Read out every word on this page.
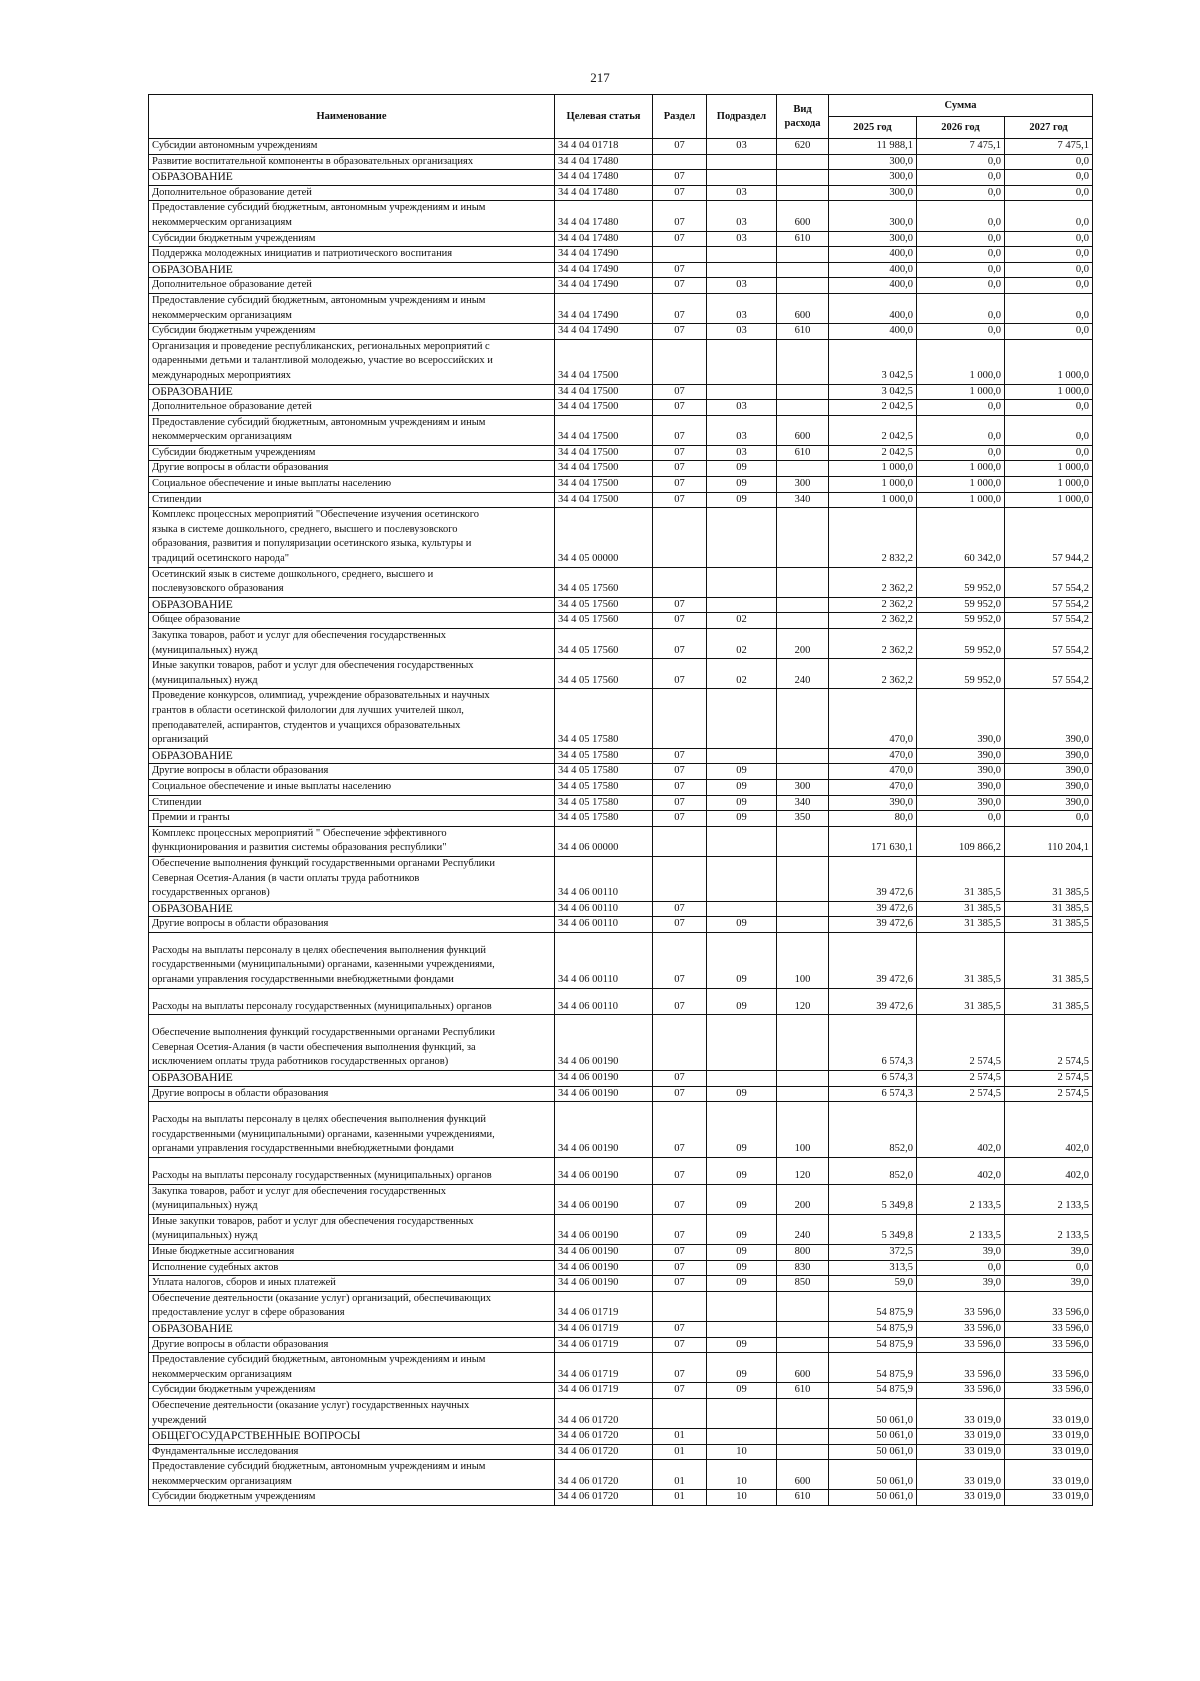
217
Наименование	Целевая статья	Раздел	Подраздел	Вид расхода	Сумма		
					2025 год	2026 год	2027 год
Субсидии автономным учреждениям	34 4 04 01718	07	03	620	11 988,1	7 475,1	7 475,1
Развитие воспитательной компоненты в образовательных организациях	34 4 04 17480				300,0	0,0	0,0
ОБРАЗОВАНИЕ	34 4 04 17480	07			300,0	0,0	0,0
Дополнительное образование детей	34 4 04 17480	07	03		300,0	0,0	0,0
Предоставление субсидий бюджетным, автономным учреждениям и иным
некоммерческим организациям	34 4 04 17480	07	03	600	300,0	0,0	0,0
Субсидии бюджетным учреждениям	34 4 04 17480	07	03	610	300,0	0,0	0,0
Поддержка молодежных инициатив и патриотического воспитания	34 4 04 17490				400,0	0,0	0,0
ОБРАЗОВАНИЕ	34 4 04 17490	07			400,0	0,0	0,0
Дополнительное образование детей	34 4 04 17490	07	03		400,0	0,0	0,0
Предоставление субсидий бюджетным, автономным учреждениям и иным
некоммерческим организациям	34 4 04 17490	07	03	600	400,0	0,0	0,0
Субсидии бюджетным учреждениям	34 4 04 17490	07	03	610	400,0	0,0	0,0
Организация и проведение республиканских, региональных мероприятий с
одаренными детьми и талантливой молодежью, участие во всероссийских и
международных мероприятиях	34 4 04 17500				3 042,5	1 000,0	1 000,0
ОБРАЗОВАНИЕ	34 4 04 17500	07			3 042,5	1 000,0	1 000,0
Дополнительное образование детей	34 4 04 17500	07	03		2 042,5	0,0	0,0
Предоставление субсидий бюджетным, автономным учреждениям и иным
некоммерческим организациям	34 4 04 17500	07	03	600	2 042,5	0,0	0,0
Субсидии бюджетным учреждениям	34 4 04 17500	07	03	610	2 042,5	0,0	0,0
Другие вопросы в области образования	34 4 04 17500	07	09		1 000,0	1 000,0	1 000,0
Социальное обеспечение и иные выплаты населению	34 4 04 17500	07	09	300	1 000,0	1 000,0	1 000,0
Стипендии	34 4 04 17500	07	09	340	1 000,0	1 000,0	1 000,0
Комплекс процессных мероприятий "Обеспечение изучения осетинского
языка в системе дошкольного, среднего, высшего и послевузовского
образования, развития и популяризации осетинского языка, культуры и
традиций осетинского народа"	34 4 05 00000				2 832,2	60 342,0	57 944,2
Осетинский язык в системе дошкольного, среднего, высшего и
послевузовского образования	34 4 05 17560				2 362,2	59 952,0	57 554,2
ОБРАЗОВАНИЕ	34 4 05 17560	07			2 362,2	59 952,0	57 554,2
Общее образование	34 4 05 17560	07	02		2 362,2	59 952,0	57 554,2
Закупка товаров, работ и услуг для обеспечения государственных
(муниципальных) нужд	34 4 05 17560	07	02	200	2 362,2	59 952,0	57 554,2
Иные закупки товаров, работ и услуг для обеспечения государственных
(муниципальных) нужд	34 4 05 17560	07	02	240	2 362,2	59 952,0	57 554,2
Проведение конкурсов, олимпиад, учреждение образовательных и научных
грантов в области осетинской филологии для лучших учителей школ,
преподавателей, аспирантов, студентов и учащихся образовательных
организаций	34 4 05 17580				470,0	390,0	390,0
ОБРАЗОВАНИЕ	34 4 05 17580	07			470,0	390,0	390,0
Другие вопросы в области образования	34 4 05 17580	07	09		470,0	390,0	390,0
Социальное обеспечение и иные выплаты населению	34 4 05 17580	07	09	300	470,0	390,0	390,0
Стипендии	34 4 05 17580	07	09	340	390,0	390,0	390,0
Премии и гранты	34 4 05 17580	07	09	350	80,0	0,0	0,0
Комплекс процессных мероприятий " Обеспечение эффективного
функционирования и развития системы образования республики"	34 4 06 00000				171 630,1	109 866,2	110 204,1
Обеспечение выполнения функций государственными органами Республики
Северная Осетия-Алания (в части оплаты труда работников
государственных органов)	34 4 06 00110				39 472,6	31 385,5	31 385,5
ОБРАЗОВАНИЕ	34 4 06 00110	07			39 472,6	31 385,5	31 385,5
Другие вопросы в области образования	34 4 06 00110	07	09		39 472,6	31 385,5	31 385,5
Расходы на выплаты персоналу в целях обеспечения выполнения функций
государственными (муниципальными) органами, казенными учреждениями,
органами управления государственными внебюджетными фондами	34 4 06 00110	07	09	100	39 472,6	31 385,5	31 385,5
Расходы на выплаты персоналу государственных (муниципальных) органов	34 4 06 00110	07	09	120	39 472,6	31 385,5	31 385,5
Обеспечение выполнения функций государственными органами Республики
Северная Осетия-Алания (в части обеспечения выполнения функций, за
исключением оплаты труда работников государственных органов)	34 4 06 00190				6 574,3	2 574,5	2 574,5
ОБРАЗОВАНИЕ	34 4 06 00190	07			6 574,3	2 574,5	2 574,5
Другие вопросы в области образования	34 4 06 00190	07	09		6 574,3	2 574,5	2 574,5
Расходы на выплаты персоналу в целях обеспечения выполнения функций
государственными (муниципальными) органами, казенными учреждениями,
органами управления государственными внебюджетными фондами	34 4 06 00190	07	09	100	852,0	402,0	402,0
Расходы на выплаты персоналу государственных (муниципальных) органов	34 4 06 00190	07	09	120	852,0	402,0	402,0
Закупка товаров, работ и услуг для обеспечения государственных
(муниципальных) нужд	34 4 06 00190	07	09	200	5 349,8	2 133,5	2 133,5
Иные закупки товаров, работ и услуг для обеспечения государственных
(муниципальных) нужд	34 4 06 00190	07	09	240	5 349,8	2 133,5	2 133,5
Иные бюджетные ассигнования	34 4 06 00190	07	09	800	372,5	39,0	39,0
Исполнение судебных актов	34 4 06 00190	07	09	830	313,5	0,0	0,0
Уплата налогов, сборов и иных платежей	34 4 06 00190	07	09	850	59,0	39,0	39,0
Обеспечение деятельности (оказание услуг) организаций, обеспечивающих
предоставление услуг в сфере образования	34 4 06 01719				54 875,9	33 596,0	33 596,0
ОБРАЗОВАНИЕ	34 4 06 01719	07			54 875,9	33 596,0	33 596,0
Другие вопросы в области образования	34 4 06 01719	07	09		54 875,9	33 596,0	33 596,0
Предоставление субсидий бюджетным, автономным учреждениям и иным
некоммерческим организациям	34 4 06 01719	07	09	600	54 875,9	33 596,0	33 596,0
Субсидии бюджетным учреждениям	34 4 06 01719	07	09	610	54 875,9	33 596,0	33 596,0
Обеспечение деятельности (оказание услуг) государственных научных
учреждений	34 4 06 01720				50 061,0	33 019,0	33 019,0
ОБЩЕГОСУДАРСТВЕННЫЕ ВОПРОСЫ	34 4 06 01720	01			50 061,0	33 019,0	33 019,0
Фундаментальные исследования	34 4 06 01720	01	10		50 061,0	33 019,0	33 019,0
Предоставление субсидий бюджетным, автономным учреждениям и иным
некоммерческим организациям	34 4 06 01720	01	10	600	50 061,0	33 019,0	33 019,0
Субсидии бюджетным учреждениям	34 4 06 01720	01	10	610	50 061,0	33 019,0	33 019,0
